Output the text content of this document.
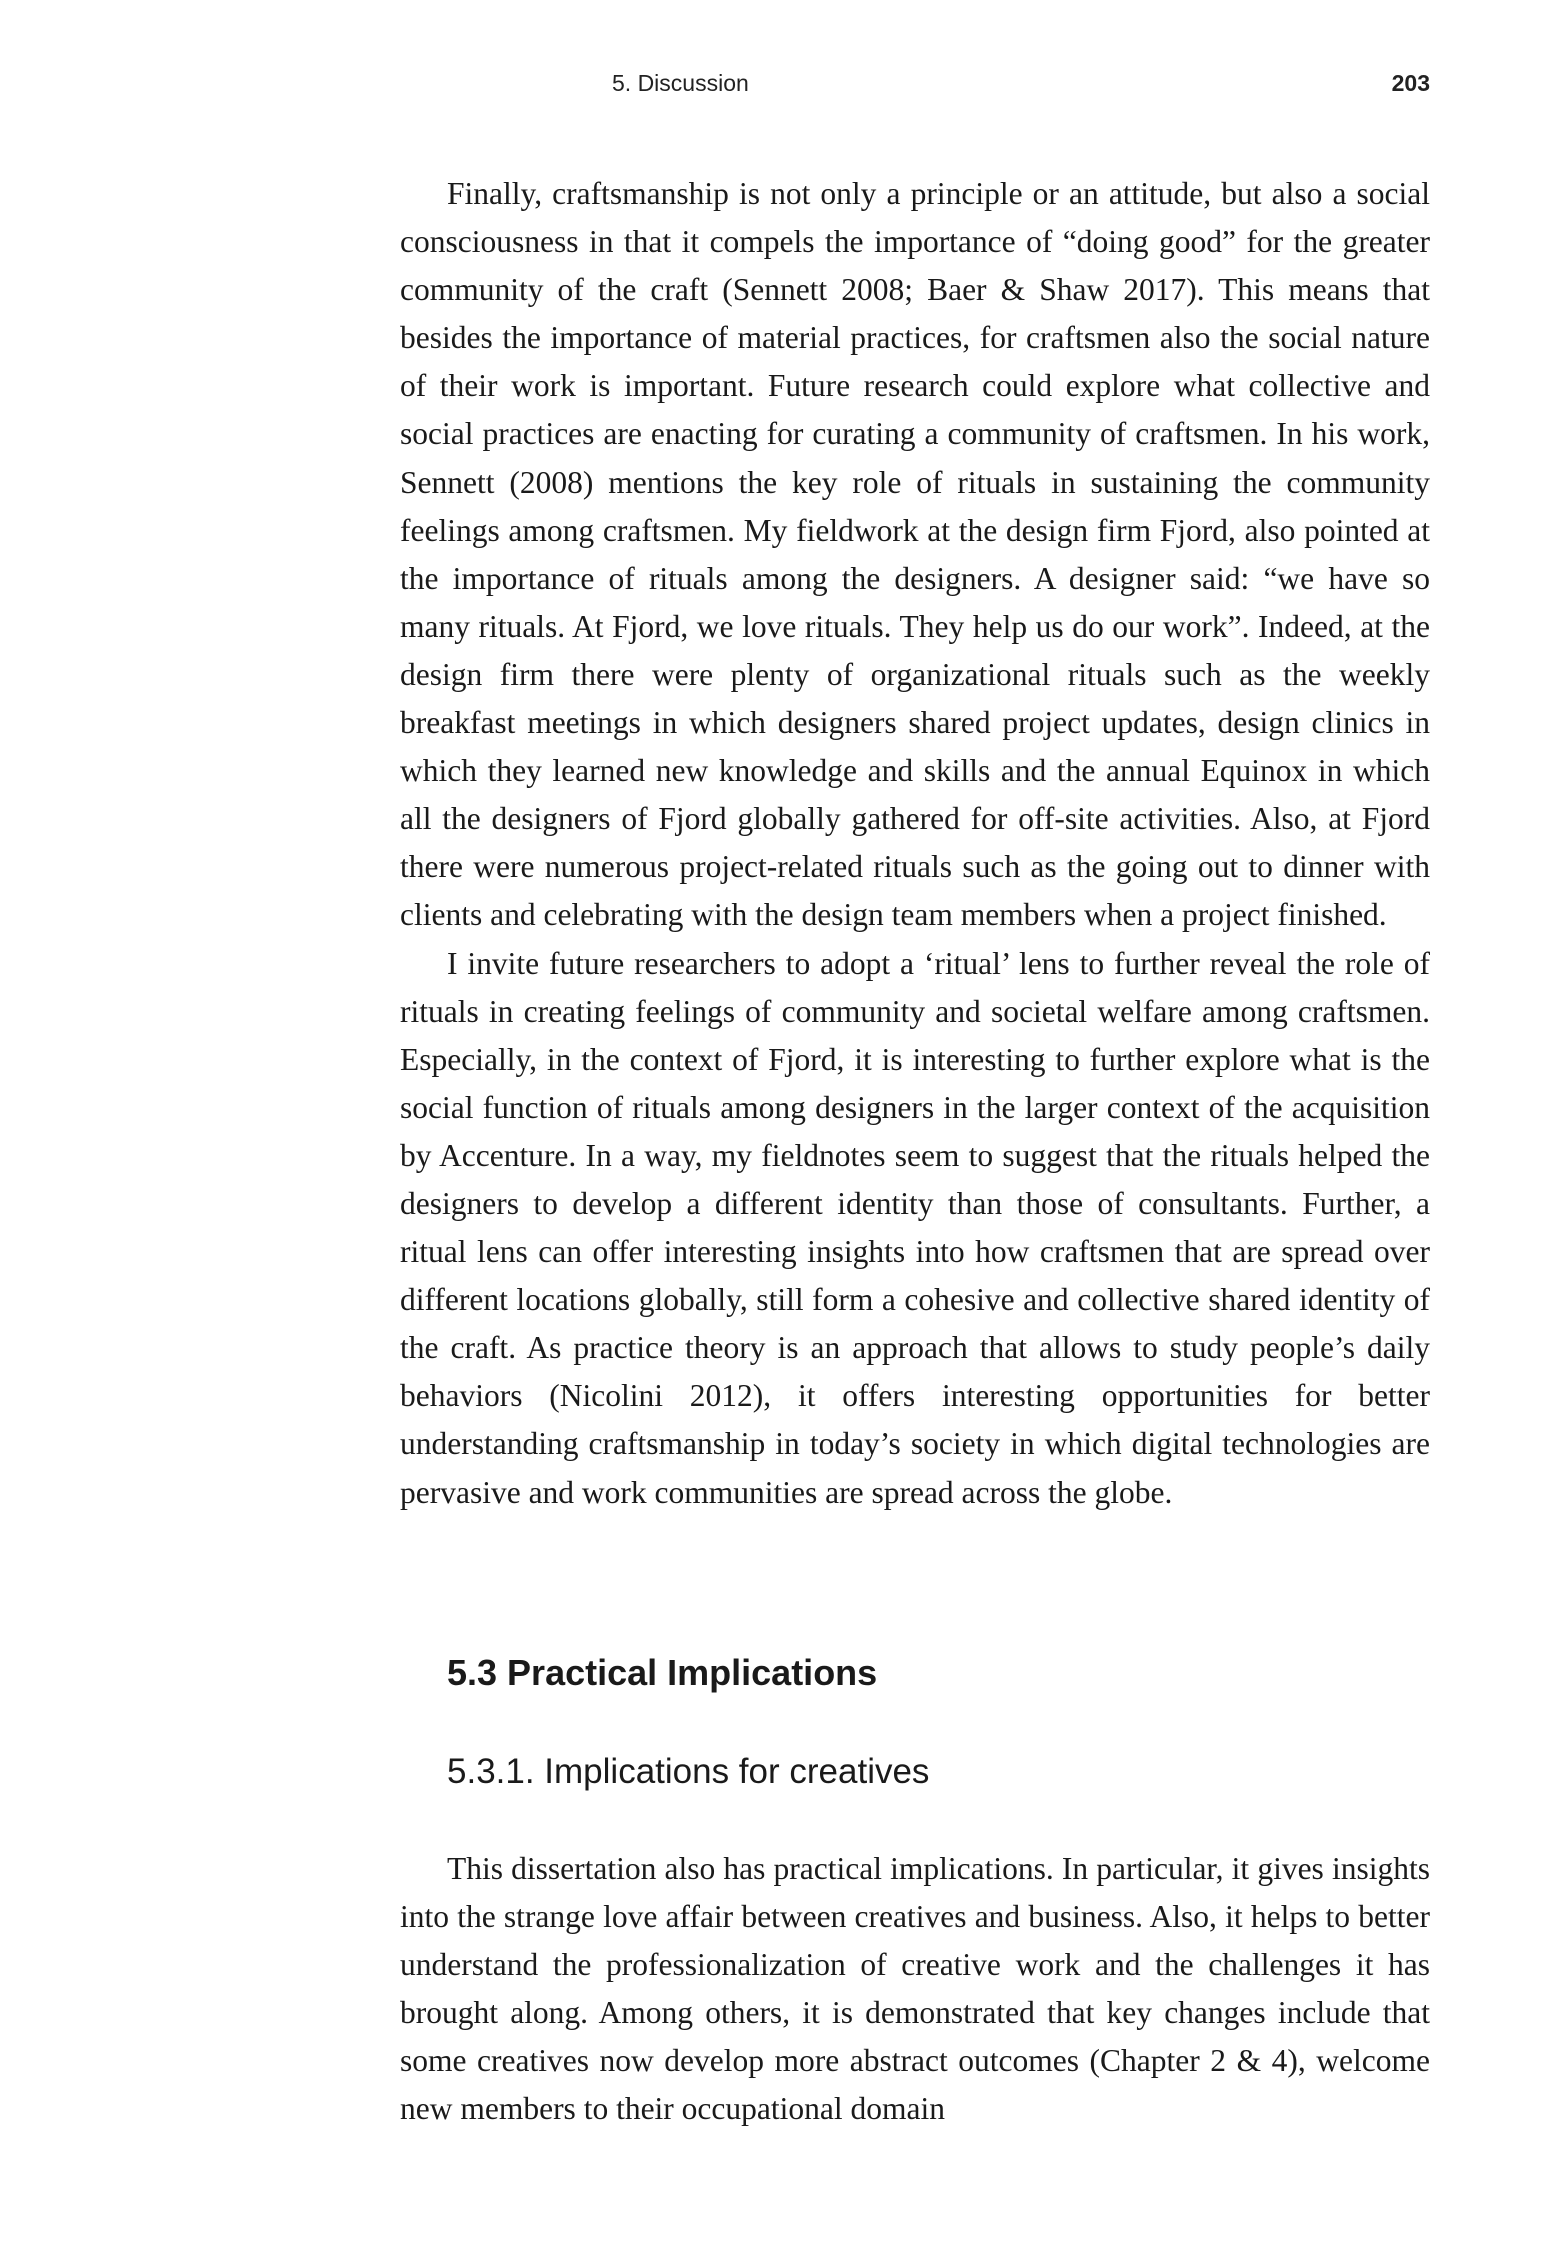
5. Discussion	203

Finally, craftsmanship is not only a principle or an attitude, but also a social consciousness in that it compels the importance of “doing good” for the greater community of the craft (Sennett 2008; Baer & Shaw 2017). This means that besides the importance of material practices, for craftsmen also the social nature of their work is important. Future research could explore what collective and social practices are enacting for curating a community of craftsmen. In his work, Sennett (2008) mentions the key role of rituals in sustaining the community feelings among craftsmen. My fieldwork at the design firm Fjord, also pointed at the importance of rituals among the designers. A designer said: “we have so many rituals. At Fjord, we love rituals. They help us do our work”. Indeed, at the design firm there were plenty of organizational rituals such as the weekly breakfast meetings in which designers shared project updates, design clinics in which they learned new knowledge and skills and the annual Equinox in which all the designers of Fjord globally gathered for off-site activities. Also, at Fjord there were numerous project-related rituals such as the going out to dinner with clients and celebrating with the design team members when a project finished.

I invite future researchers to adopt a ‘ritual’ lens to further reveal the role of rituals in creating feelings of community and societal welfare among craftsmen. Especially, in the context of Fjord, it is interesting to further explore what is the social function of rituals among designers in the larger context of the acquisition by Accenture. In a way, my fieldnotes seem to suggest that the rituals helped the designers to develop a different identity than those of consultants. Further, a ritual lens can offer interesting insights into how craftsmen that are spread over different locations globally, still form a cohesive and collective shared identity of the craft. As practice theory is an approach that allows to study people’s daily behaviors (Nicolini 2012), it offers interesting opportunities for better understanding craftsmanship in today’s society in which digital technologies are pervasive and work communities are spread across the globe.

5.3 Practical Implications
5.3.1. Implications for creatives

This dissertation also has practical implications. In particular, it gives insights into the strange love affair between creatives and business. Also, it helps to better understand the professionalization of creative work and the challenges it has brought along. Among others, it is demonstrated that key changes include that some creatives now develop more abstract outcomes (Chapter 2 & 4), welcome new members to their occupational domain
